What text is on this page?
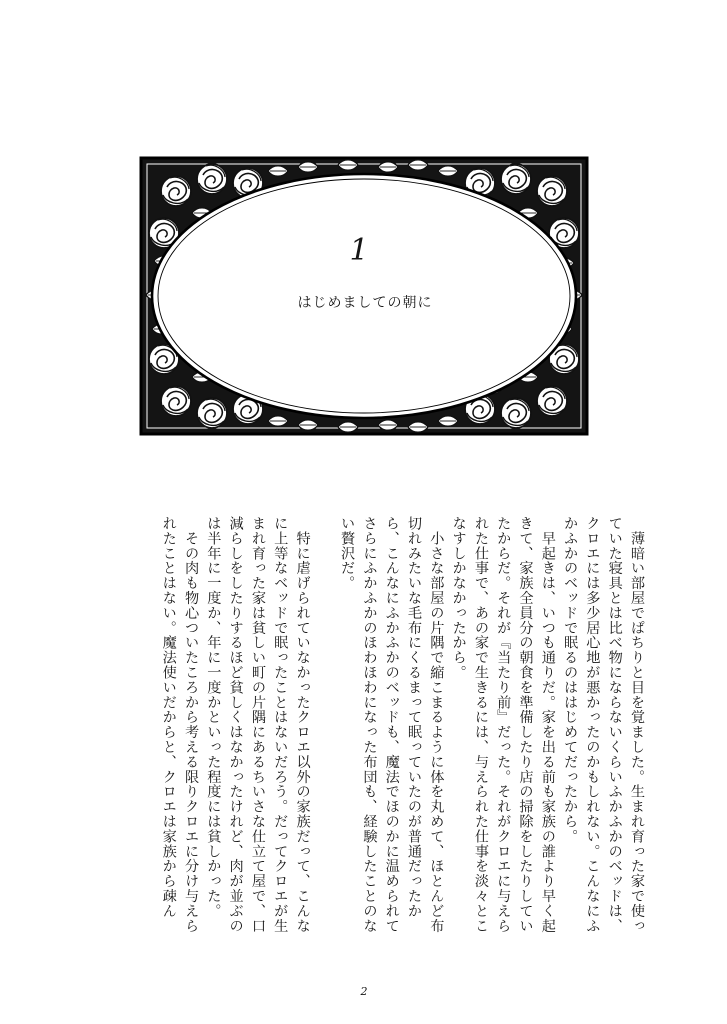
1
はじめましての朝に

　薄暗い部屋でぱちりと目を覚ました。生まれ育った家で使っていた寝具とは比べ物にならないくらいふかふかのベッドは、クロエには多少居心地が悪かったのかもしれない。こんなにふかふかのベッドで眠るのははじめてだったから。

　早起きは、いつも通りだ。家を出る前も家族の誰より早く起きて、家族全員分の朝食を準備したり店の掃除をしたりしていたからだ。それが『当たり前』だった。それがクロエに与えられた仕事で、あの家で生きるには、与えられた仕事を淡々とこなすしかなかったから。

　小さな部屋の片隅で縮こまるように体を丸めて、ほとんど布切れみたいな毛布にくるまって眠っていたのが普通だったから、こんなにふかふかのベッドも、魔法でほのかに温められてさらにふかふかのほわほわになった布団も、経験したことのない贅沢だ。

　特に虐げられていなかったクロエ以外の家族だって、こんなに上等なベッドで眠ったことはないだろう。だってクロエが生まれ育った家は貧しい町の片隅にあるちいさな仕立て屋で、口減らしをしたりするほど貧しくはなかったけれど、肉が並ぶのは半年に一度か、年に一度かといった程度には貧しかった。

　その肉も物心ついたころから考える限りクロエに分け与えられたことはない。魔法使いだからと、クロエは家族から疎ん

2
